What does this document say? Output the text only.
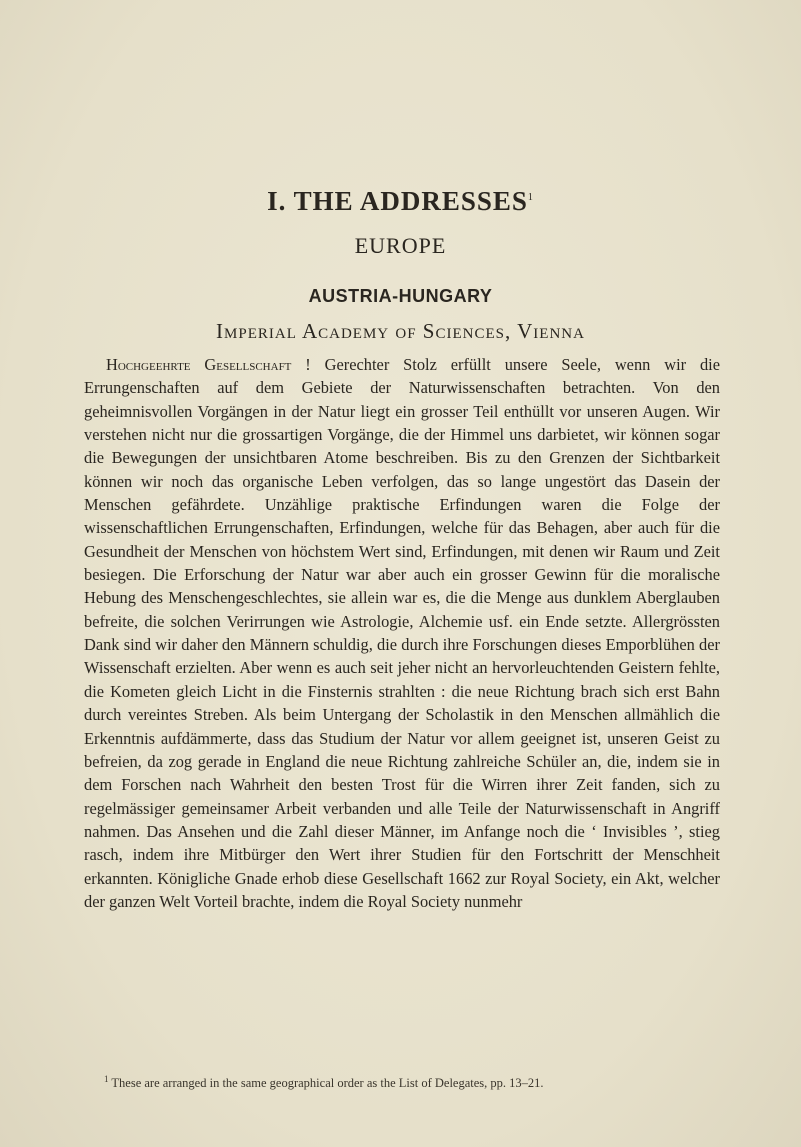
I. THE ADDRESSES$^1$
EUROPE
AUSTRIA-HUNGARY
Imperial Academy of Sciences, Vienna

Hochgeehrte Gesellschaft ! Gerechter Stolz erfüllt unsere Seele, wenn wir die Errungenschaften auf dem Gebiete der Naturwissenschaften betrachten. Von den geheimnisvollen Vorgängen in der Natur liegt ein grosser Teil enthüllt vor unseren Augen. Wir verstehen nicht nur die grossartigen Vorgänge, die der Himmel uns darbietet, wir können sogar die Bewegungen der unsichtbaren Atome beschreiben. Bis zu den Grenzen der Sichtbarkeit können wir noch das organische Leben verfolgen, das so lange ungestört das Dasein der Menschen gefährdete. Unzählige praktische Erfindungen waren die Folge der wissenschaftlichen Errungenschaften, Erfindungen, welche für das Behagen, aber auch für die Gesundheit der Menschen von höchstem Wert sind, Erfindungen, mit denen wir Raum und Zeit besiegen. Die Erforschung der Natur war aber auch ein grosser Gewinn für die moralische Hebung des Menschengeschlechtes, sie allein war es, die die Menge aus dunklem Aberglauben befreite, die solchen Verirrungen wie Astrologie, Alchemie usf. ein Ende setzte. Allergrössten Dank sind wir daher den Männern schuldig, die durch ihre Forschungen dieses Emporblühen der Wissenschaft erzielten. Aber wenn es auch seit jeher nicht an hervorleuchtenden Geistern fehlte, die Kometen gleich Licht in die Finsternis strahlten : die neue Richtung brach sich erst Bahn durch vereintes Streben. Als beim Untergang der Scholastik in den Menschen allmählich die Erkenntnis aufdämmerte, dass das Studium der Natur vor allem geeignet ist, unseren Geist zu befreien, da zog gerade in England die neue Richtung zahlreiche Schüler an, die, indem sie in dem Forschen nach Wahrheit den besten Trost für die Wirren ihrer Zeit fanden, sich zu regelmässiger gemeinsamer Arbeit verbanden und alle Teile der Naturwissenschaft in Angriff nahmen. Das Ansehen und die Zahl dieser Männer, im Anfange noch die ‘ Invisibles ’, stieg rasch, indem ihre Mitbürger den Wert ihrer Studien für den Fortschritt der Menschheit erkannten. Königliche Gnade erhob diese Gesellschaft 1662 zur Royal Society, ein Akt, welcher der ganzen Welt Vorteil brachte, indem die Royal Society nunmehr

$^1$ These are arranged in the same geographical order as the List of Delegates, pp. 13–21.
